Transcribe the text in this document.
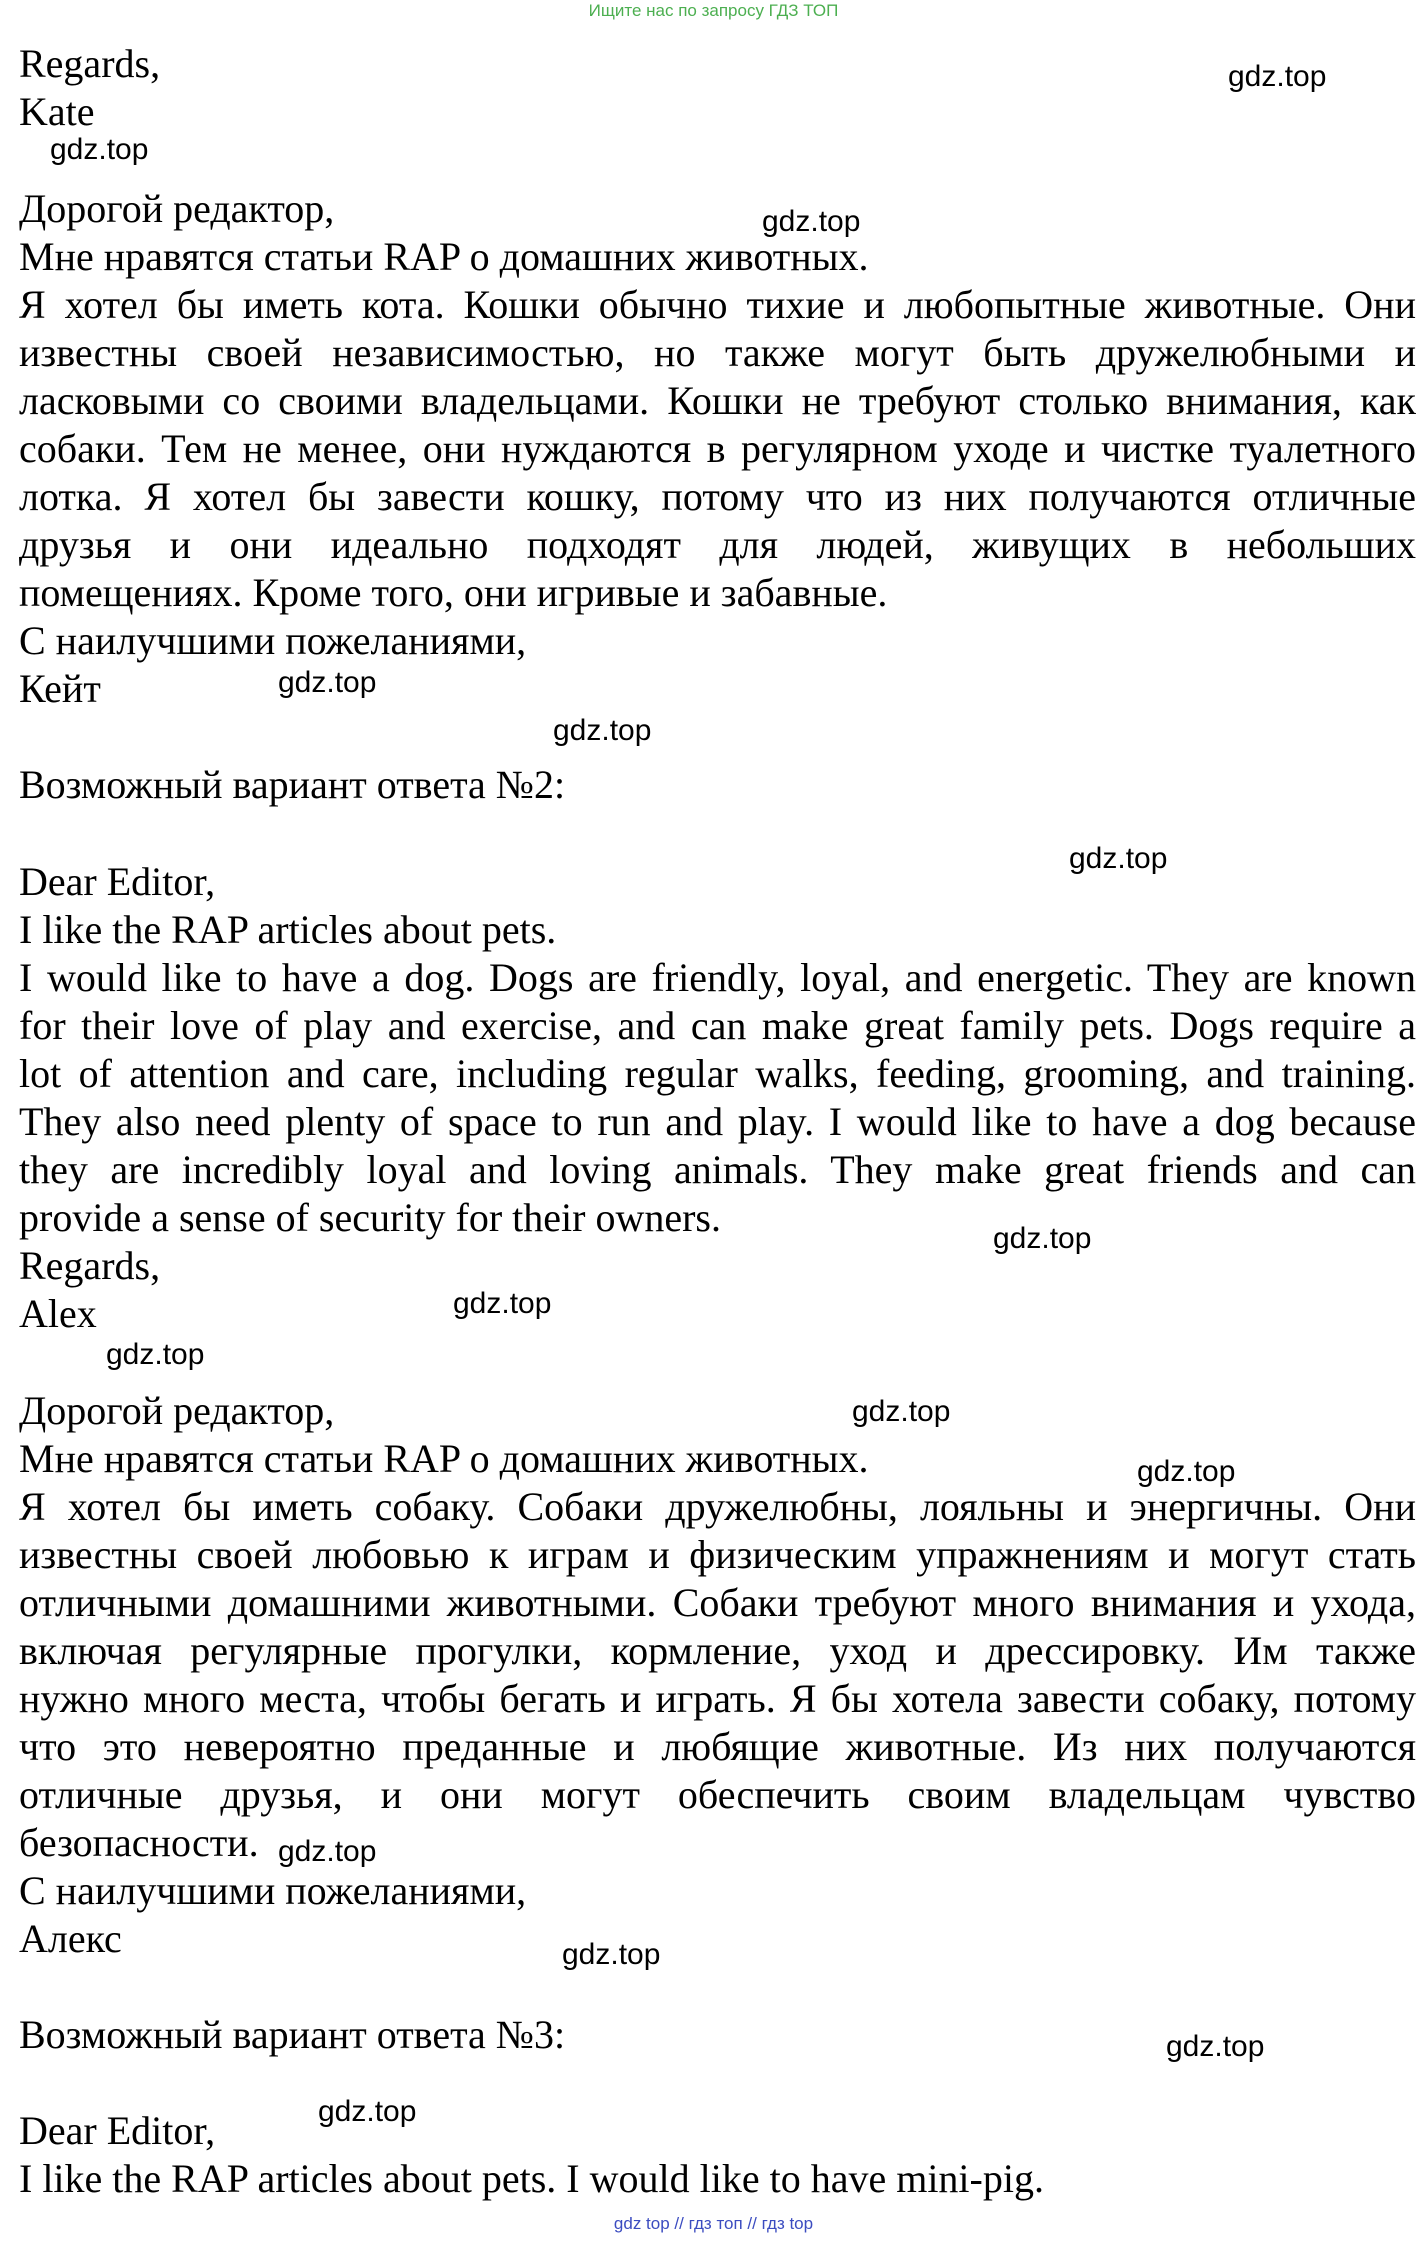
Ищите нас по запросу ГДЗ ТОП
Regards,
Kate
Дорогой редактор,
Мне нравятся статьи RAP о домашних животных.
Я хотел бы иметь кота. Кошки обычно тихие и любопытные животные. Они
известны своей независимостью, но также могут быть дружелюбными и
ласковыми со своими владельцами. Кошки не требуют столько внимания, как
собаки. Тем не менее, они нуждаются в регулярном уходе и чистке туалетного
лотка. Я хотел бы завести кошку, потому что из них получаются отличные
друзья и они идеально подходят для людей, живущих в небольших
помещениях. Кроме того, они игривые и забавные.
С наилучшими пожеланиями,
Кейт
Возможный вариант ответа №2:
Dear Editor,
I like the RAP articles about pets.
I would like to have a dog. Dogs are friendly, loyal, and energetic. They are known
for their love of play and exercise, and can make great family pets. Dogs require a
lot of attention and care, including regular walks, feeding, grooming, and training.
They also need plenty of space to run and play. I would like to have a dog because
they are incredibly loyal and loving animals. They make great friends and can
provide a sense of security for their owners.
Regards,
Alex
Дорогой редактор,
Мне нравятся статьи RAP о домашних животных.
Я хотел бы иметь собаку. Собаки дружелюбны, лояльны и энергичны. Они
известны своей любовью к играм и физическим упражнениям и могут стать
отличными домашними животными. Собаки требуют много внимания и ухода,
включая регулярные прогулки, кормление, уход и дрессировку. Им также
нужно много места, чтобы бегать и играть. Я бы хотела завести собаку, потому
что это невероятно преданные и любящие животные. Из них получаются
отличные друзья, и они могут обеспечить своим владельцам чувство
безопасности.
С наилучшими пожеланиями,
Алекс
Возможный вариант ответа №3:
Dear Editor,
I like the RAP articles about pets. I would like to have mini-pig.
gdz.top
gdz.top
gdz.top
gdz.top
gdz.top
gdz.top
gdz.top
gdz.top
gdz.top
gdz.top
gdz.top
gdz.top
gdz.top
gdz.top
gdz.top
gdz top // гдз топ // гдз top
